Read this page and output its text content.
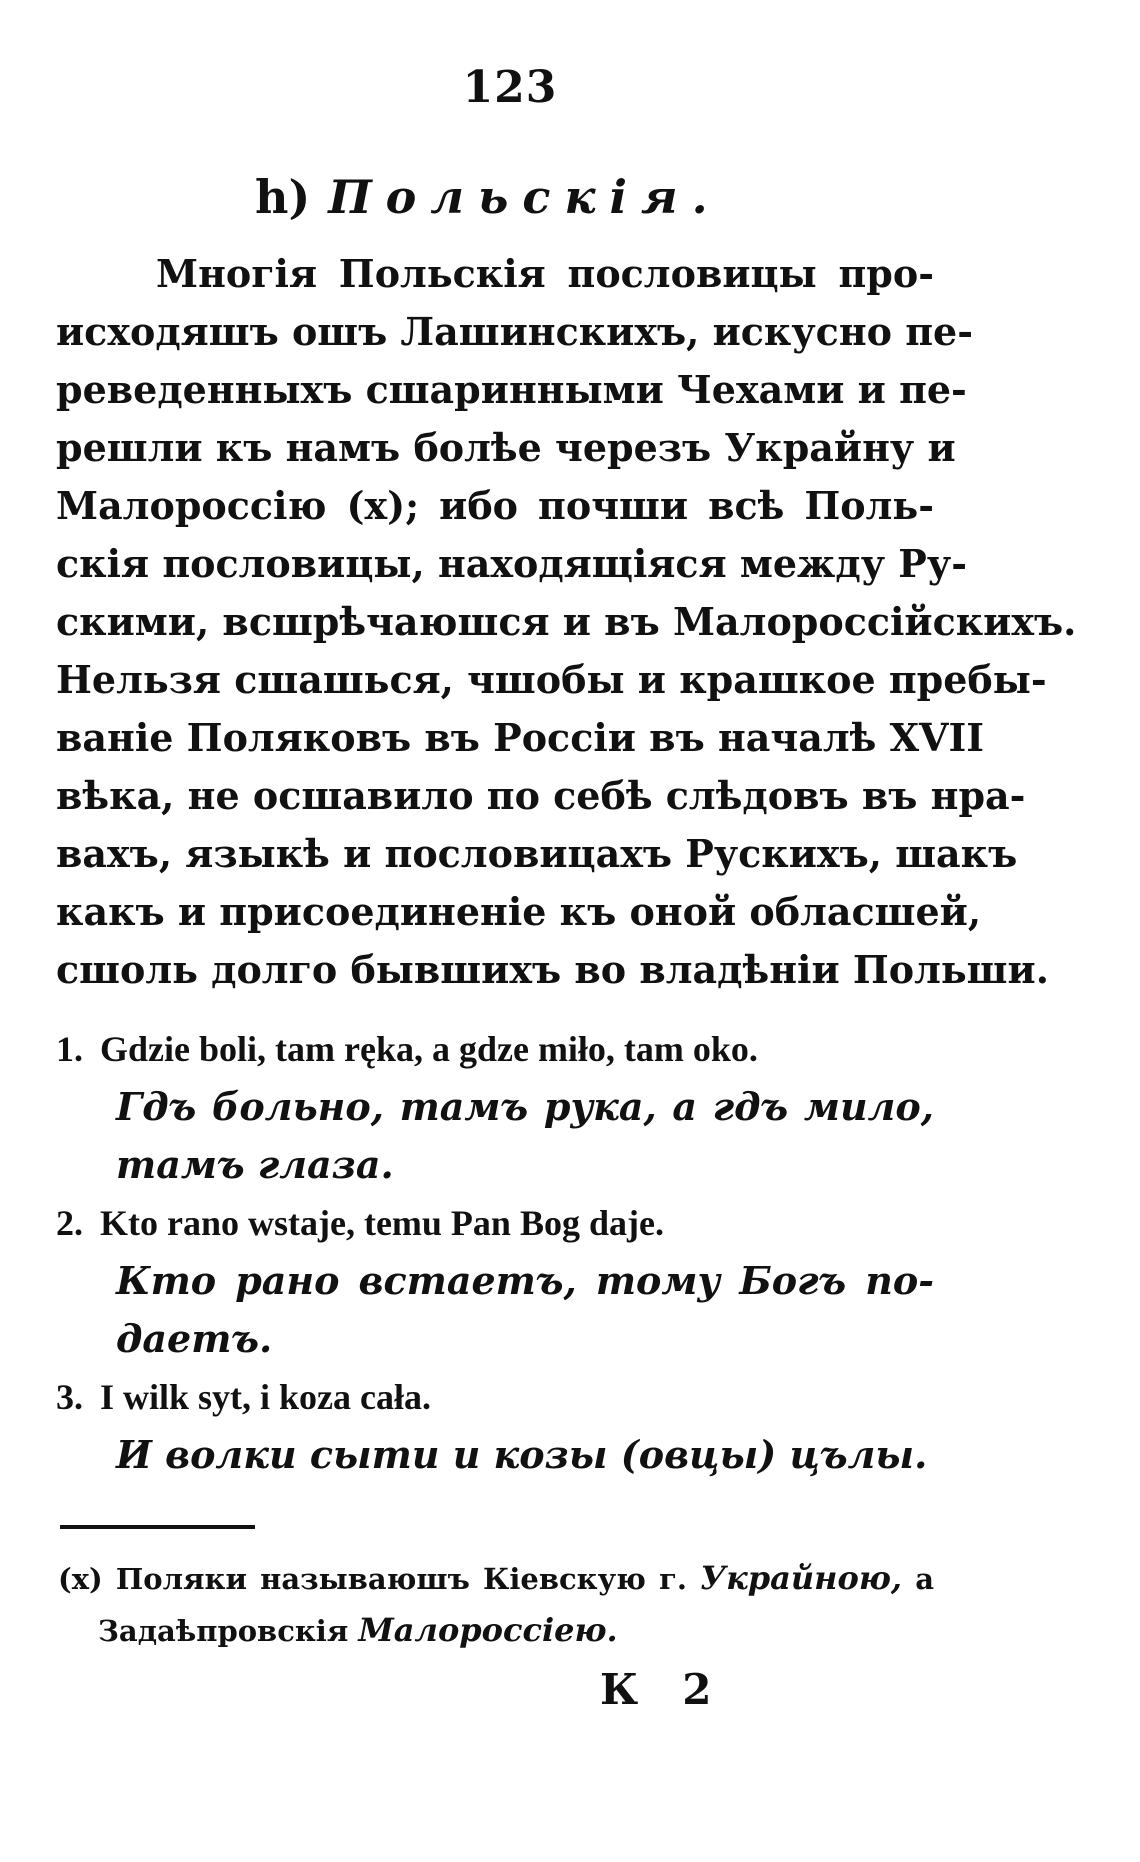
123
h) Польскія.
Многія Польскія пословицы про-
исходяшъ ошъ Лашинскихъ, искусно пе-
реведенныхъ сшаринными Чехами и пе-
решли къ намъ болѣе черезъ Украйну и
Малороссію (x); ибо почши всѣ Поль-
скія пословицы, находящіяся между Ру-
скими, всшрѣчаюшся и въ Малороссійскихъ.
Нельзя сшашься, чшобы и крашкое пребы-
ваніе Поляковъ въ Россіи въ началѣ XVII
вѣка, не осшавило по себѣ слѣдовъ въ нра-
вахъ, языкѣ и пословицахъ Рускихъ, шакъ
какъ и присоединеніе къ оной обласшей,
сшоль долго бывшихъ во владѣніи Польши.
1. Gdzie boli, tam ręka, a gdze miło, tam oko.
Гдъ больно, тамъ рука, а гдъ мило,
тамъ глаза.
2. Kto rano wstaje, temu Pan Bog daje.
Кто рано встаетъ, тому Богъ по-
даетъ.
3. I wilk syt, i koza cała.
И волки сыти и козы (овцы) цълы.
(x) Поляки называюшъ Кіевскую г. Украйною, а
Задаѣпровскія Малороссіею.
К 2
